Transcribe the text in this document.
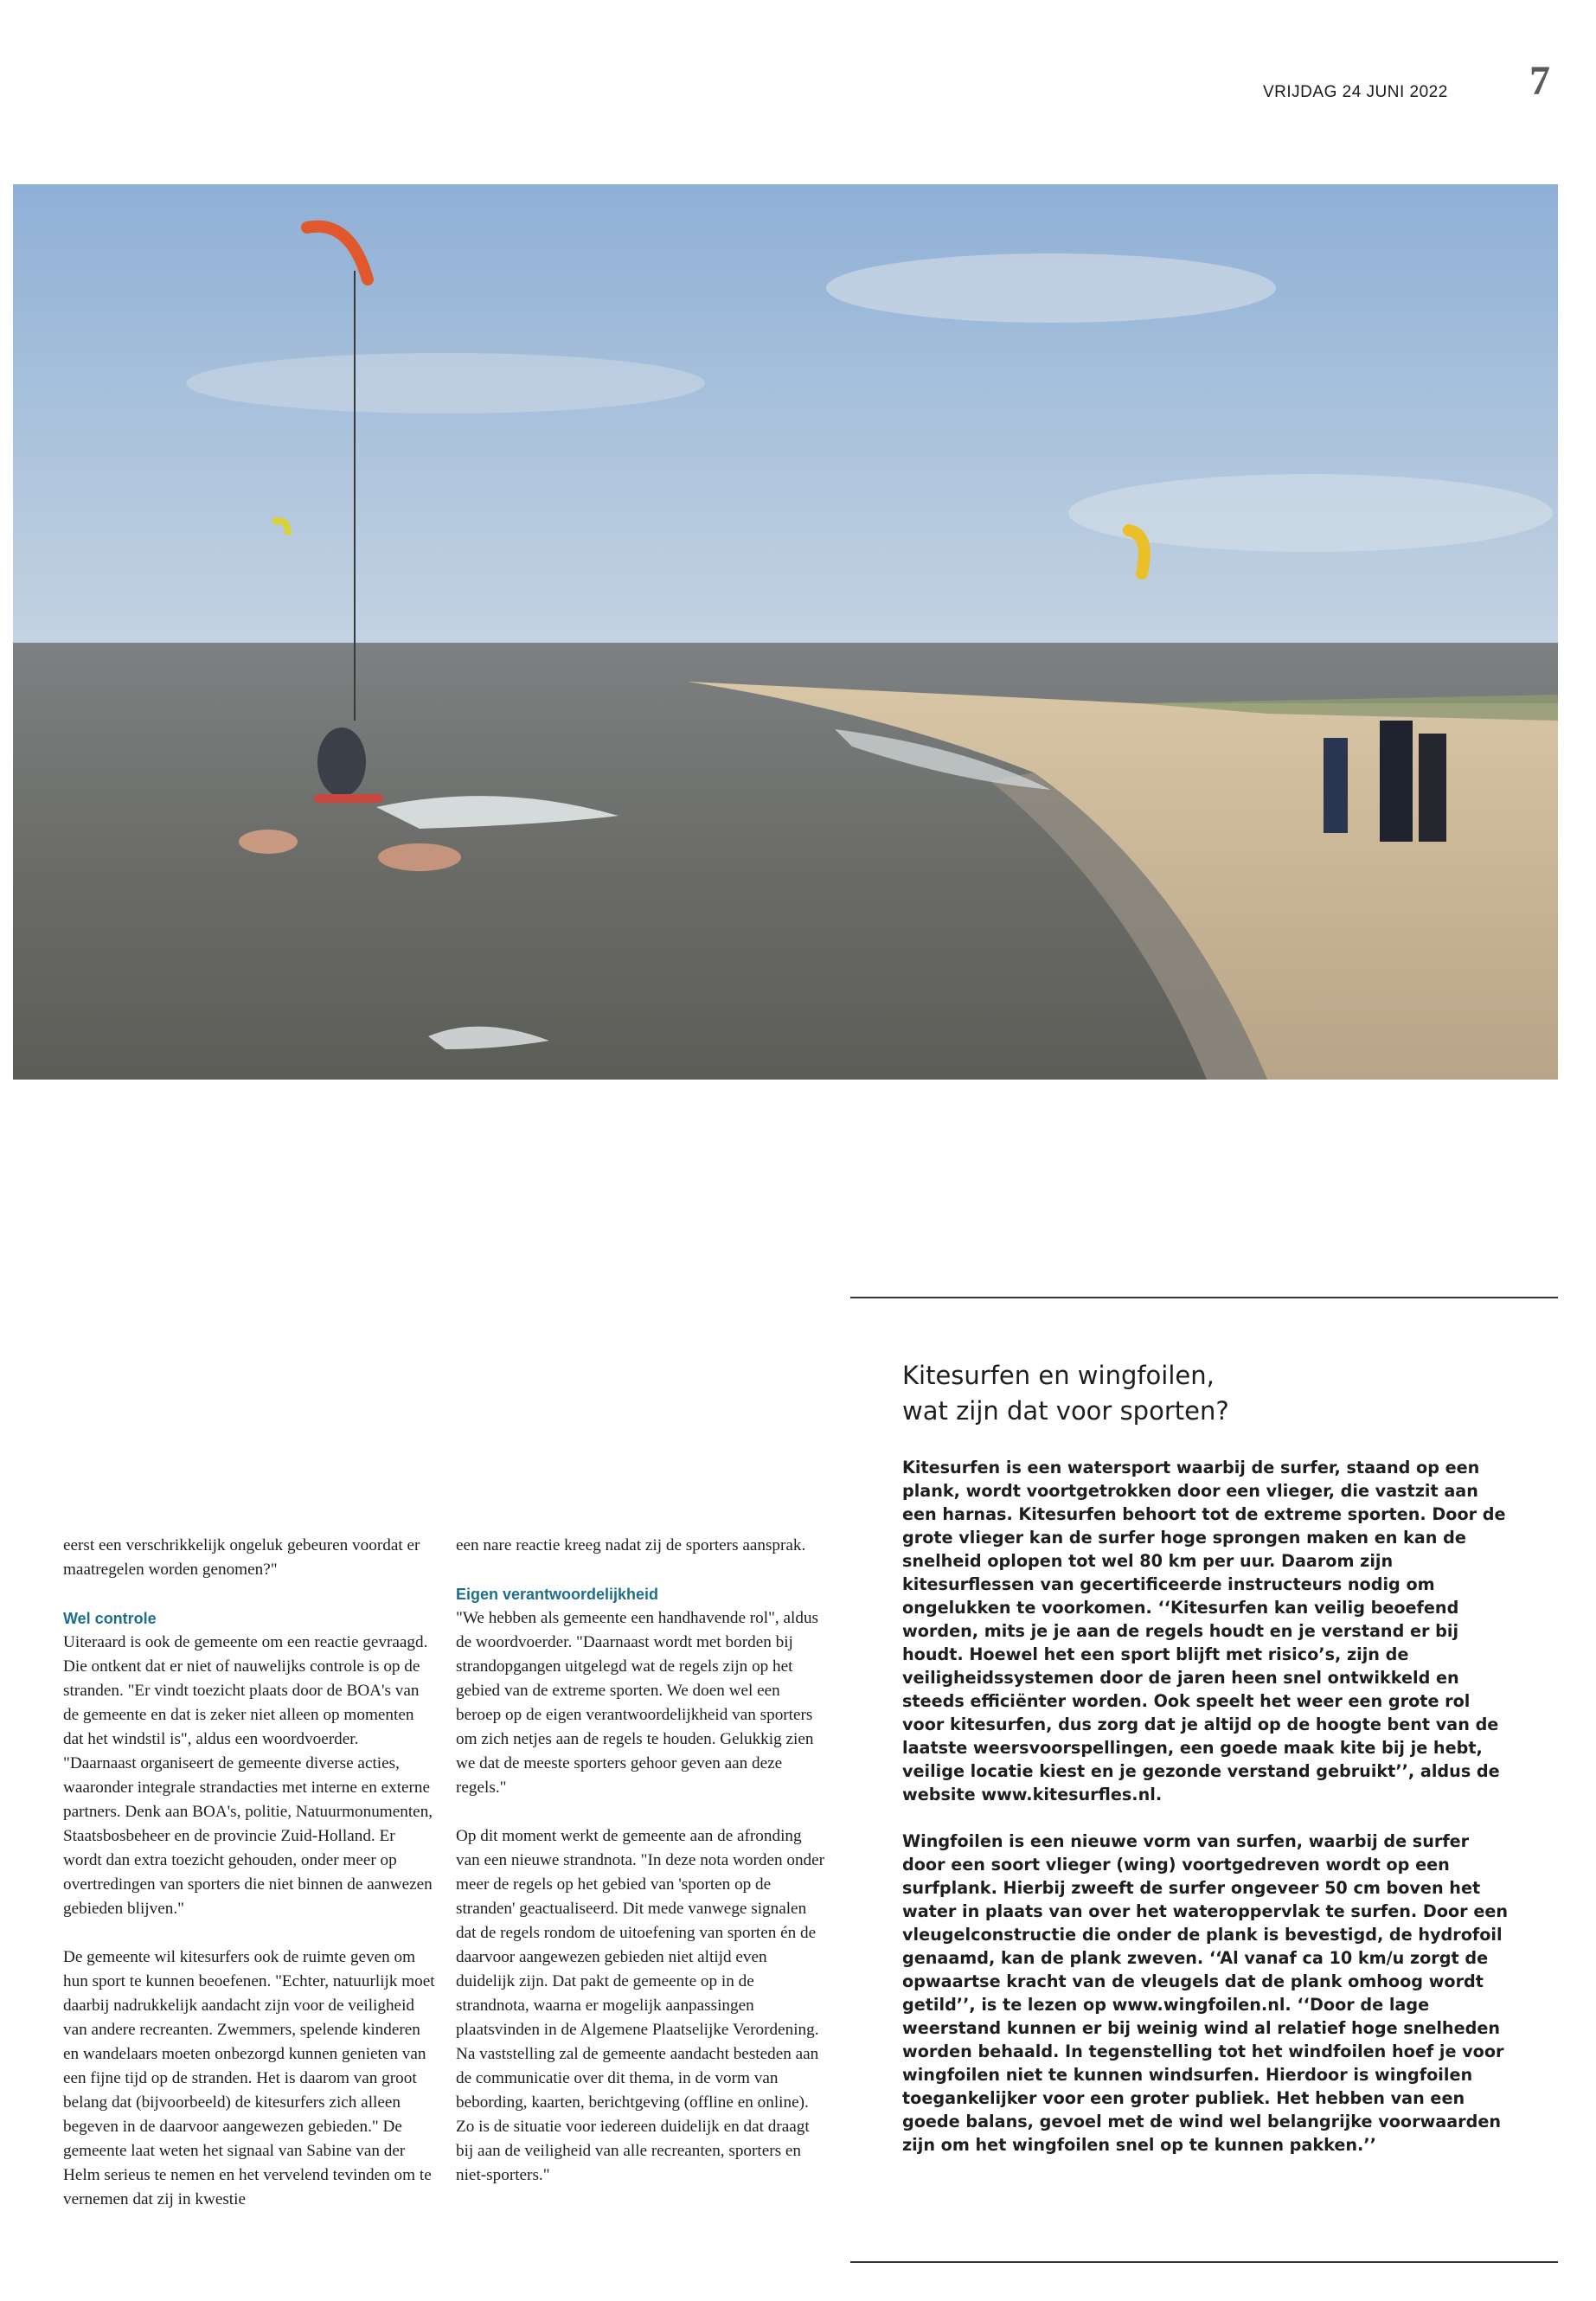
VRIJDAG 24 JUNI 2022 7

eerst een verschrikkelijk ongeluk gebeuren voordat er maatregelen worden genomen?"

Wel controle

Uiteraard is ook de gemeente om een reactie gevraagd. Die ontkent dat er niet of nauwelijks controle is op de stranden. "Er vindt toezicht plaats door de BOA's van de gemeente en dat is zeker niet alleen op momenten dat het windstil is", aldus een woordvoerder. "Daarnaast organiseert de gemeente diverse acties, waaronder integrale strandacties met interne en externe partners. Denk aan BOA's, politie, Natuurmonumenten, Staatsbosbeheer en de provincie Zuid-Holland. Er wordt dan extra toezicht gehouden, onder meer op overtredingen van sporters die niet binnen de aanwezen gebieden blijven."

De gemeente wil kitesurfers ook de ruimte geven om hun sport te kunnen beoefenen. "Echter, natuurlijk moet daarbij nadrukkelijk aandacht zijn voor de veiligheid van andere recreanten. Zwemmers, spelende kinderen en wandelaars moeten onbezorgd kunnen genieten van een fijne tijd op de stranden. Het is daarom van groot belang dat (bijvoorbeeld) de kitesurfers zich alleen begeven in de daarvoor aangewezen gebieden." De gemeente laat weten het signaal van Sabine van der Helm serieus te nemen en het vervelend tevinden om te vernemen dat zij in kwestie

een nare reactie kreeg nadat zij de sporters aansprak.

Eigen verantwoordelijkheid

"We hebben als gemeente een handhavende rol", aldus de woordvoerder. "Daarnaast wordt met borden bij strandopgangen uitgelegd wat de regels zijn op het gebied van de extreme sporten. We doen wel een beroep op de eigen verantwoordelijkheid van sporters om zich netjes aan de regels te houden. Gelukkig zien we dat de meeste sporters gehoor geven aan deze regels."

Op dit moment werkt de gemeente aan de afronding van een nieuwe strandnota. "In deze nota worden onder meer de regels op het gebied van 'sporten op de stranden' geactualiseerd. Dit mede vanwege signalen dat de regels rondom de uitoefening van sporten én de daarvoor aangewezen gebieden niet altijd even duidelijk zijn. Dat pakt de gemeente op in de strandnota, waarna er mogelijk aanpassingen plaatsvinden in de Algemene Plaatselijke Verordening. Na vaststelling zal de gemeente aandacht besteden aan de communicatie over dit thema, in de vorm van bebording, kaarten, berichtgeving (offline en online). Zo is de situatie voor iedereen duidelijk en dat draagt bij aan de veiligheid van alle recreanten, sporters en niet-sporters."

Kitesurfen en wingfoilen,
wat zijn dat voor sporten?

Kitesurfen is een watersport waarbij de surfer, staand op een plank, wordt voortgetrokken door een vlieger, die vastzit aan een harnas. Kitesurfen behoort tot de extreme sporten. Door de grote vlieger kan de surfer hoge sprongen maken en kan de snelheid oplopen tot wel 80 km per uur. Daarom zijn kitesurflessen van gecertificeerde instructeurs nodig om ongelukken te voorkomen. ‘‘Kitesurfen kan veilig beoefend worden, mits je je aan de regels houdt en je verstand er bij houdt. Hoewel het een sport blijft met risico’s, zijn de veiligheidssystemen door de jaren heen snel ontwikkeld en steeds efficiënter worden. Ook speelt het weer een grote rol voor kitesurfen, dus zorg dat je altijd op de hoogte bent van de laatste weersvoorspellingen, een goede maak kite bij je hebt, veilige locatie kiest en je gezonde verstand gebruikt’’, aldus de website www.kitesurfles.nl.

Wingfoilen is een nieuwe vorm van surfen, waarbij de surfer door een soort vlieger (wing) voortgedreven wordt op een surfplank. Hierbij zweeft de surfer ongeveer 50 cm boven het water in plaats van over het wateroppervlak te surfen. Door een vleugelconstructie die onder de plank is bevestigd, de hydrofoil genaamd, kan de plank zweven. ‘‘Al vanaf ca 10 km/u zorgt de opwaartse kracht van de vleugels dat de plank omhoog wordt getild’’, is te lezen op www.wingfoilen.nl. ‘‘Door de lage weerstand kunnen er bij weinig wind al relatief hoge snelheden worden behaald. In tegenstelling tot het windfoilen hoef je voor wingfoilen niet te kunnen windsurfen. Hierdoor is wingfoilen toegankelijker voor een groter publiek. Het hebben van een goede balans, gevoel met de wind wel belangrijke voorwaarden zijn om het wingfoilen snel op te kunnen pakken.’’
